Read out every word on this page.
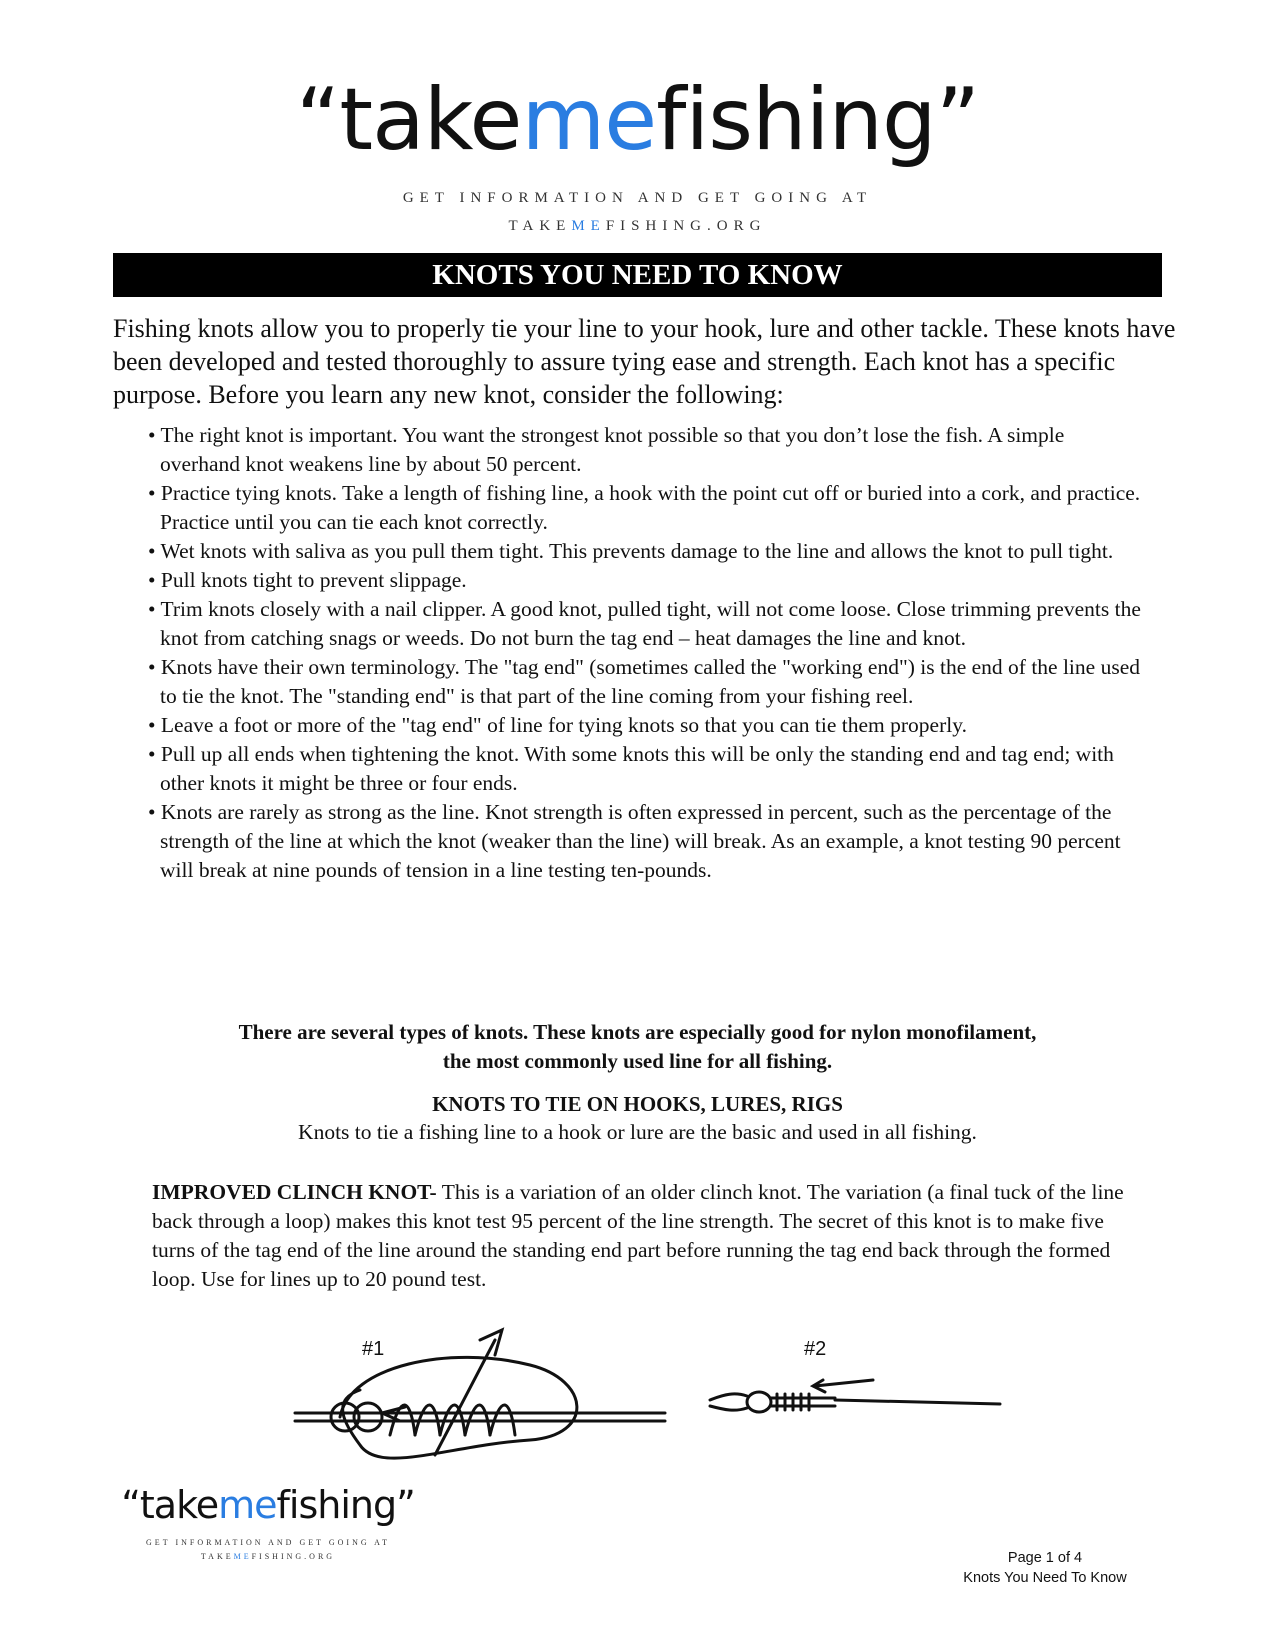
“takemefishing”
GET INFORMATION AND GET GOING AT
TAKEMEFISHING.ORG
KNOTS YOU NEED TO KNOW

Fishing knots allow you to properly tie your line to your hook, lure and other tackle. These knots have been developed and tested thoroughly to assure tying ease and strength. Each knot has a specific purpose. Before you learn any new knot, consider the following:

• The right knot is important. You want the strongest knot possible so that you don’t lose the fish. A simple overhand knot weakens line by about 50 percent.
• Practice tying knots. Take a length of fishing line, a hook with the point cut off or buried into a cork, and practice. Practice until you can tie each knot correctly.
• Wet knots with saliva as you pull them tight. This prevents damage to the line and allows the knot to pull tight.
• Pull knots tight to prevent slippage.
• Trim knots closely with a nail clipper. A good knot, pulled tight, will not come loose. Close trimming prevents the knot from catching snags or weeds. Do not burn the tag end – heat damages the line and knot.
• Knots have their own terminology. The "tag end" (sometimes called the "working end") is the end of the line used to tie the knot. The "standing end" is that part of the line coming from your fishing reel.
• Leave a foot or more of the "tag end" of line for tying knots so that you can tie them properly.
• Pull up all ends when tightening the knot. With some knots this will be only the standing end and tag end; with other knots it might be three or four ends.
• Knots are rarely as strong as the line. Knot strength is often expressed in percent, such as the percentage of the strength of the line at which the knot (weaker than the line) will break. As an example, a knot testing 90 percent will break at nine pounds of tension in a line testing ten-pounds.
There are several types of knots. These knots are especially good for nylon monofilament,
the most commonly used line for all fishing.
KNOTS TO TIE ON HOOKS, LURES, RIGS
Knots to tie a fishing line to a hook or lure are the basic and used in all fishing.

IMPROVED CLINCH KNOT- This is a variation of an older clinch knot. The variation (a final tuck of the line back through a loop) makes this knot test 95 percent of the line strength. The secret of this knot is to make five turns of the tag end of the line around the standing end part before running the tag end back through the formed loop. Use for lines up to 20 pound test.

#1	#2
“takemefishing”
GET INFORMATION AND GET GOING AT
TAKEMEFISHING.ORG	Page 1 of 4
Knots You Need To Know
